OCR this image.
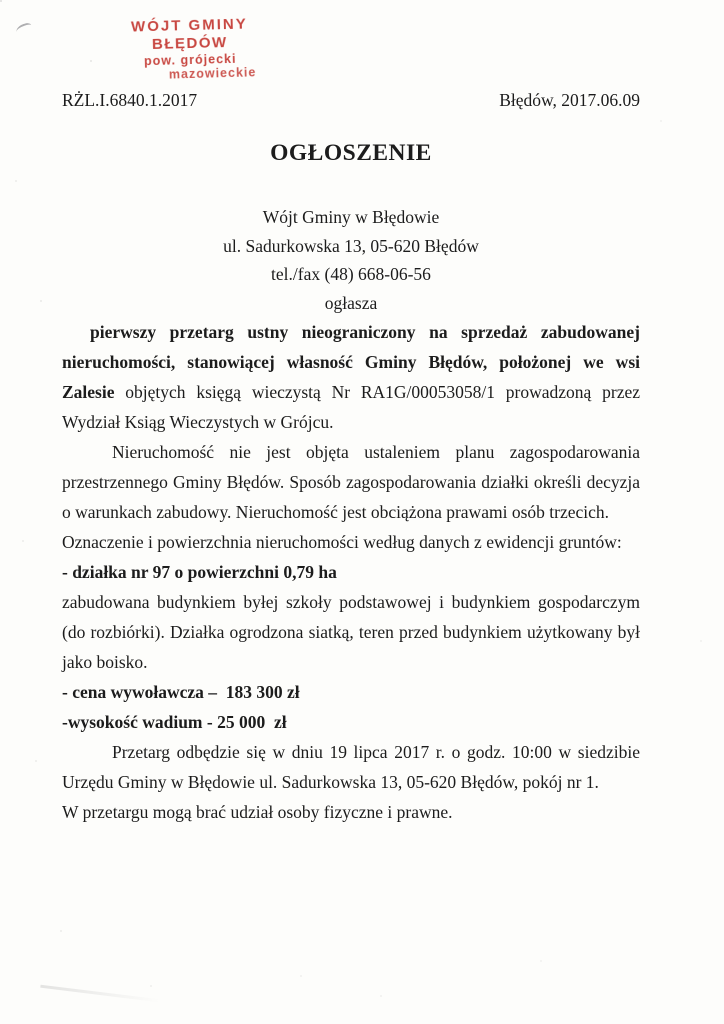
WÓJT GMINY
BŁĘDÓW
pow. grójecki
mazowieckie
RŻL.I.6840.1.2017	Błędów, 2017.06.09
OGŁOSZENIE
Wójt Gminy w Błędowie
ul. Sadurkowska 13, 05-620 Błędów
tel./fax (48) 668-06-56
ogłasza

pierwszy przetarg ustny nieograniczony na sprzedaż zabudowanej nieruchomości, stanowiącej własność Gminy Błędów, położonej we wsi Zalesie objętych księgą wieczystą Nr RA1G/00053058/1 prowadzoną przez Wydział Ksiąg Wieczystych w Grójcu.

Nieruchomość nie jest objęta ustaleniem planu zagospodarowania przestrzennego Gminy Błędów. Sposób zagospodarowania działki określi decyzja o warunkach zabudowy. Nieruchomość jest obciążona prawami osób trzecich.

Oznaczenie i powierzchnia nieruchomości według danych z ewidencji gruntów:

- działka nr 97 o powierzchni 0,79 ha

zabudowana budynkiem byłej szkoły podstawowej i budynkiem gospodarczym (do rozbiórki). Działka ogrodzona siatką, teren przed budynkiem użytkowany był jako boisko.

- cena wywoławcza –  183 300 zł

-wysokość wadium - 25 000  zł

Przetarg odbędzie się w dniu 19 lipca 2017 r. o godz. 10:00 w siedzibie Urzędu Gminy w Błędowie ul. Sadurkowska 13, 05-620 Błędów, pokój nr 1.

W przetargu mogą brać udział osoby fizyczne i prawne.
